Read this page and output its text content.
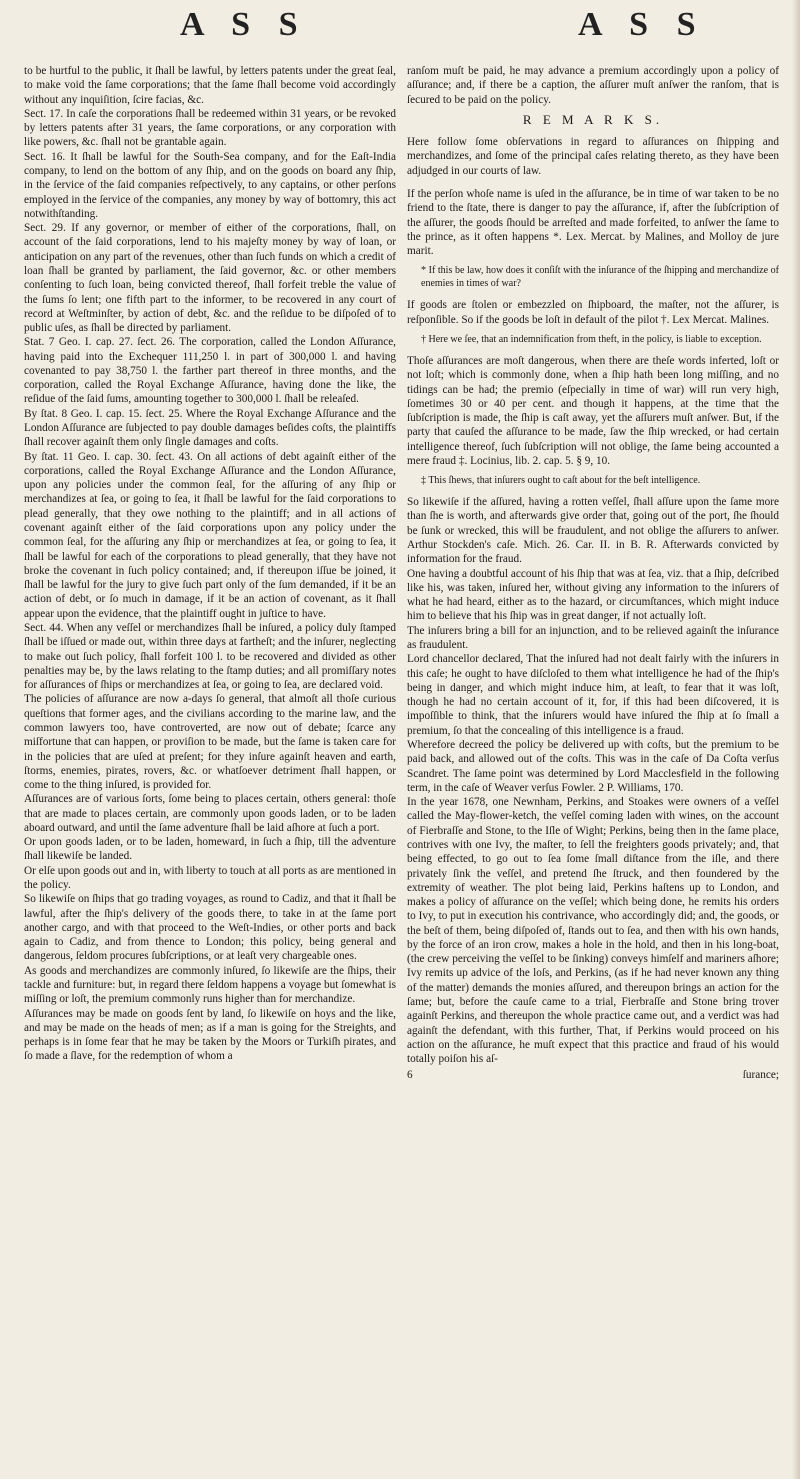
A S S	A S S

to be hurtful to the public, it ſhall be lawful, by letters patents under the great ſeal, to make void the ſame corporations; that the ſame ſhall become void accordingly without any inquiſition, ſcire facias, &c.

Sect. 17. In caſe the corporations ſhall be redeemed within 31 years, or be revoked by letters patents after 31 years, the ſame corporations, or any corporation with like powers, &c. ſhall not be grantable again.

Sect. 16. It ſhall be lawful for the South-Sea company, and for the Eaſt-India company, to lend on the bottom of any ſhip, and on the goods on board any ſhip, in the ſervice of the ſaid companies reſpectively, to any captains, or other perſons employed in the ſervice of the companies, any money by way of bottomry, this act notwithſtanding.

Sect. 29. If any governor, or member of either of the corporations, ſhall, on account of the ſaid corporations, lend to his majeſty money by way of loan, or anticipation on any part of the revenues, other than ſuch funds on which a credit of loan ſhall be granted by parliament, the ſaid governor, &c. or other members conſenting to ſuch loan, being convicted thereof, ſhall forfeit treble the value of the ſums ſo lent; one fifth part to the informer, to be recovered in any court of record at Weſtminſter, by action of debt, &c. and the reſidue to be diſpoſed of to public uſes, as ſhall be directed by parliament.

Stat. 7 Geo. I. cap. 27. ſect. 26. The corporation, called the London Aſſurance, having paid into the Exchequer 111,250 l. in part of 300,000 l. and having covenanted to pay 38,750 l. the farther part thereof in three months, and the corporation, called the Royal Exchange Aſſurance, having done the like, the reſidue of the ſaid ſums, amounting together to 300,000 l. ſhall be releaſed.

By ſtat. 8 Geo. I. cap. 15. ſect. 25. Where the Royal Exchange Aſſurance and the London Aſſurance are ſubjected to pay double damages beſides coſts, the plaintiffs ſhall recover againſt them only ſingle damages and coſts.

By ſtat. 11 Geo. I. cap. 30. ſect. 43. On all actions of debt againſt either of the corporations, called the Royal Exchange Aſſurance and the London Aſſurance, upon any policies under the common ſeal, for the aſſuring of any ſhip or merchandizes at ſea, or going to ſea, it ſhall be lawful for the ſaid corporations to plead generally, that they owe nothing to the plaintiff; and in all actions of covenant againſt either of the ſaid corporations upon any policy under the common ſeal, for the aſſuring any ſhip or merchandizes at ſea, or going to ſea, it ſhall be lawful for each of the corporations to plead generally, that they have not broke the covenant in ſuch policy contained; and, if thereupon iſſue be joined, it ſhall be lawful for the jury to give ſuch part only of the ſum demanded, if it be an action of debt, or ſo much in damage, if it be an action of covenant, as it ſhall appear upon the evidence, that the plaintiff ought in juſtice to have.

Sect. 44. When any veſſel or merchandizes ſhall be inſured, a policy duly ſtamped ſhall be iſſued or made out, within three days at fartheſt; and the inſurer, neglecting to make out ſuch policy, ſhall forfeit 100 l. to be recovered and divided as other penalties may be, by the laws relating to the ſtamp duties; and all promiſſary notes for aſſurances of ſhips or merchandizes at ſea, or going to ſea, are declared void.

The policies of aſſurance are now a-days ſo general, that almoſt all thoſe curious queſtions that former ages, and the civilians according to the marine law, and the common lawyers too, have controverted, are now out of debate; ſcarce any miſfortune that can happen, or proviſion to be made, but the ſame is taken care for in the policies that are uſed at preſent; for they inſure againſt heaven and earth, ſtorms, enemies, pirates, rovers, &c. or whatſoever detriment ſhall happen, or come to the thing inſured, is provided for.

Aſſurances are of various ſorts, ſome being to places certain, others general: thoſe that are made to places certain, are commonly upon goods laden, or to be laden aboard outward, and until the ſame adventure ſhall be laid aſhore at ſuch a port.

Or upon goods laden, or to be laden, homeward, in ſuch a ſhip, till the adventure ſhall likewiſe be landed.

Or elſe upon goods out and in, with liberty to touch at all ports as are mentioned in the policy.

So likewiſe on ſhips that go trading voyages, as round to Cadiz, and that it ſhall be lawful, after the ſhip's delivery of the goods there, to take in at the ſame port another cargo, and with that proceed to the Weſt-Indies, or other ports and back again to Cadiz, and from thence to London; this policy, being general and dangerous, ſeldom procures ſubſcriptions, or at leaſt very chargeable ones.

As goods and merchandizes are commonly inſured, ſo likewiſe are the ſhips, their tackle and furniture: but, in regard there ſeldom happens a voyage but ſomewhat is miſſing or loſt, the premium commonly runs higher than for merchandize.

Aſſurances may be made on goods ſent by land, ſo likewiſe on hoys and the like, and may be made on the heads of men; as if a man is going for the Streights, and perhaps is in ſome fear that he may be taken by the Moors or Turkiſh pirates, and ſo made a ſlave, for the redemption of whom a

ranſom muſt be paid, he may advance a premium accordingly upon a policy of aſſurance; and, if there be a caption, the aſſurer muſt anſwer the ranſom, that is ſecured to be paid on the policy.

R E M A R K S.

Here follow ſome obſervations in regard to aſſurances on ſhipping and merchandizes, and ſome of the principal caſes relating thereto, as they have been adjudged in our courts of law.

If the perſon whoſe name is uſed in the aſſurance, be in time of war taken to be no friend to the ſtate, there is danger to pay the aſſurance, if, after the ſubſcription of the aſſurer, the goods ſhould be arreſted and made forfeited, to anſwer the ſame to the prince, as it often happens *. Lex. Mercat. by Malines, and Molloy de jure marit.

* If this be law, how does it conſiſt with the inſurance of the ſhipping and merchandize of enemies in times of war?

If goods are ſtolen or embezzled on ſhipboard, the maſter, not the aſſurer, is reſponſible. So if the goods be loſt in default of the pilot †. Lex Mercat. Malines.

† Here we ſee, that an indemnification from theft, in the policy, is liable to exception.

Thoſe aſſurances are moſt dangerous, when there are theſe words inferted, loſt or not loſt; which is commonly done, when a ſhip hath been long miſſing, and no tidings can be had; the premio (eſpecially in time of war) will run very high, ſometimes 30 or 40 per cent. and though it happens, at the time that the ſubſcription is made, the ſhip is caſt away, yet the aſſurers muſt anſwer. But, if the party that cauſed the aſſurance to be made, ſaw the ſhip wrecked, or had certain intelligence thereof, ſuch ſubſcription will not oblige, the ſame being accounted a mere fraud ‡. Locinius, lib. 2. cap. 5. § 9, 10.

‡ This ſhews, that inſurers ought to caſt about for the beſt intelligence.

So likewiſe if the aſſured, having a rotten veſſel, ſhall aſſure upon the ſame more than ſhe is worth, and afterwards give order that, going out of the port, ſhe ſhould be ſunk or wrecked, this will be fraudulent, and not oblige the aſſurers to anſwer. Arthur Stockden's caſe. Mich. 26. Car. II. in B. R. Afterwards convicted by information for the fraud.

One having a doubtful account of his ſhip that was at ſea, viz. that a ſhip, deſcribed like his, was taken, inſured her, without giving any information to the inſurers of what he had heard, either as to the hazard, or circumſtances, which might induce him to believe that his ſhip was in great danger, if not actually loſt.

The inſurers bring a bill for an injunction, and to be relieved againſt the inſurance as fraudulent.

Lord chancellor declared, That the inſured had not dealt fairly with the inſurers in this caſe; he ought to have diſcloſed to them what intelligence he had of the ſhip's being in danger, and which might induce him, at leaſt, to fear that it was loſt, though he had no certain account of it, for, if this had been diſcovered, it is impoſſible to think, that the inſurers would have inſured the ſhip at ſo ſmall a premium, ſo that the concealing of this intelligence is a fraud.

Wherefore decreed the policy be delivered up with coſts, but the premium to be paid back, and allowed out of the coſts. This was in the caſe of Da Coſta verſus Scandret. The ſame point was determined by Lord Macclesfield in the following term, in the caſe of Weaver verſus Fowler. 2 P. Williams, 170.

In the year 1678, one Newnham, Perkins, and Stoakes were owners of a veſſel called the May-flower-ketch, the veſſel coming laden with wines, on the account of Fierbraſſe and Stone, to the Iſle of Wight; Perkins, being then in the ſame place, contrives with one Ivy, the maſter, to ſell the freighters goods privately; and, that being effected, to go out to ſea ſome ſmall diſtance from the iſle, and there privately ſink the veſſel, and pretend ſhe ſtruck, and then foundered by the extremity of weather. The plot being laid, Perkins haſtens up to London, and makes a policy of aſſurance on the veſſel; which being done, he remits his orders to Ivy, to put in execution his contrivance, who accordingly did; and, the goods, or the beſt of them, being diſpoſed of, ſtands out to ſea, and then with his own hands, by the force of an iron crow, makes a hole in the hold, and then in his long-boat, (the crew perceiving the veſſel to be ſinking) conveys himſelf and mariners aſhore; Ivy remits up advice of the loſs, and Perkins, (as if he had never known any thing of the matter) demands the monies aſſured, and thereupon brings an action for the ſame; but, before the cauſe came to a trial, Fierbraſſe and Stone bring trover againſt Perkins, and thereupon the whole practice came out, and a verdict was had againſt the defendant, with this further, That, if Perkins would proceed on his action on the aſſurance, he muſt expect that this practice and fraud of his would totally poiſon his aſ-

6	ſurance;
